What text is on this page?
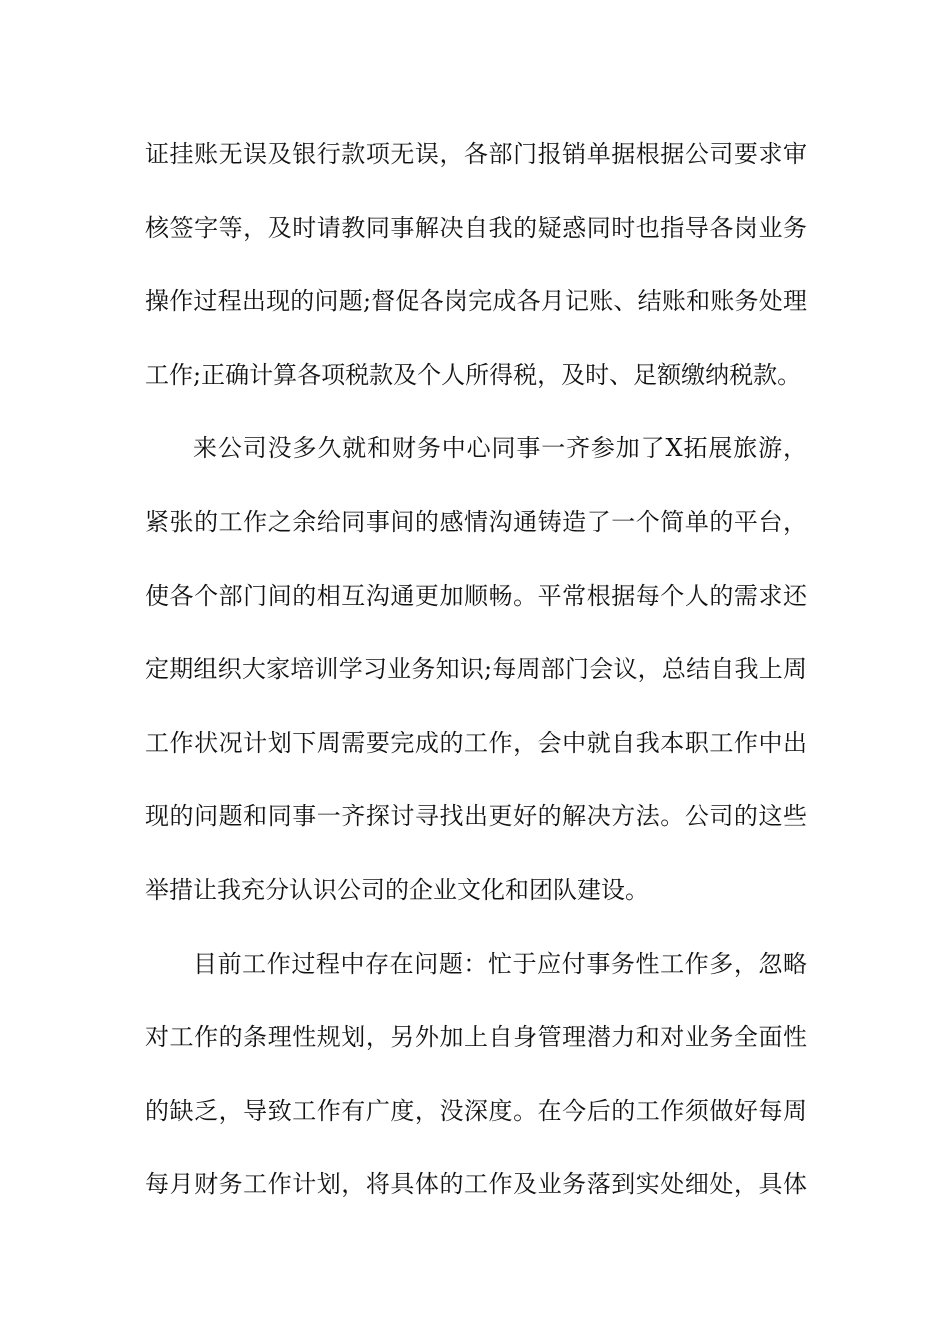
证挂账无误及银行款项无误，各部门报销单据根据公司要求审
核签字等，及时请教同事解决自我的疑惑同时也指导各岗业务
操作过程出现的问题;督促各岗完成各月记账、结账和账务处理
工作;正确计算各项税款及个人所得税，及时、足额缴纳税款。
来公司没多久就和财务中心同事一齐参加了X拓展旅游，
紧张的工作之余给同事间的感情沟通铸造了一个简单的平台，
使各个部门间的相互沟通更加顺畅。平常根据每个人的需求还
定期组织大家培训学习业务知识;每周部门会议，总结自我上周
工作状况计划下周需要完成的工作，会中就自我本职工作中出
现的问题和同事一齐探讨寻找出更好的解决方法。公司的这些
举措让我充分认识公司的企业文化和团队建设。
目前工作过程中存在问题：忙于应付事务性工作多，忽略
对工作的条理性规划，另外加上自身管理潜力和对业务全面性
的缺乏，导致工作有广度，没深度。在今后的工作须做好每周
每月财务工作计划，将具体的工作及业务落到实处细处，具体
